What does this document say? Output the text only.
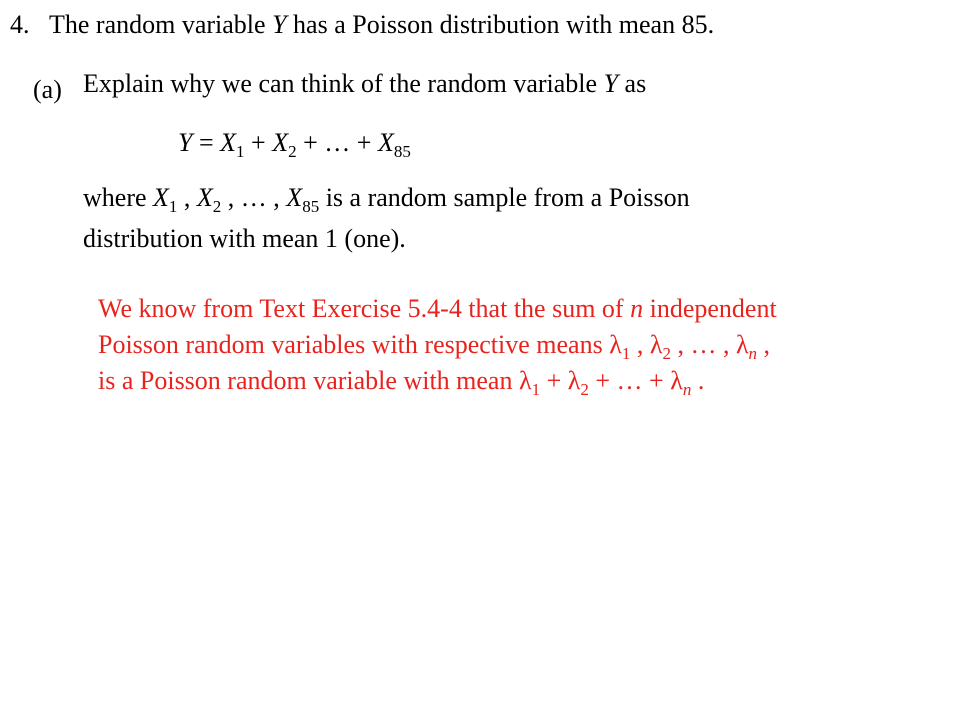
4. The random variable Y has a Poisson distribution with mean 85.
(a) Explain why we can think of the random variable Y as
$Y = X_1 + X_2$ + … + $X_{85}$
where $X_1$ , $X_2$ , … , $X_{85}$ is a random sample from a Poisson
distribution with mean 1 (one).
We know from Text Exercise 5.4-4 that the sum of n independent
Poisson random variables with respective means $\lambda_1$ , $\lambda_2$ , … , $\lambda_n$ ,
is a Poisson random variable with mean $\lambda_1 + \lambda_2$ + … + $\lambda_n$ .
